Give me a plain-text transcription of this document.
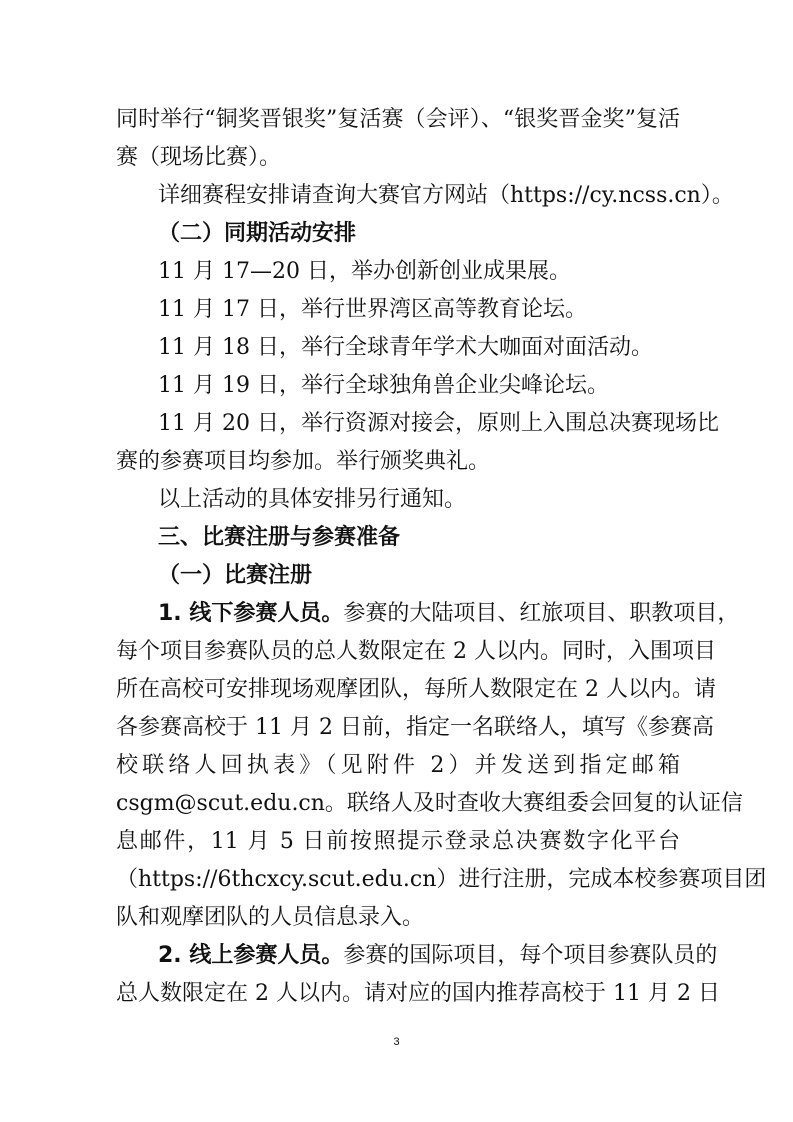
同时举行“铜奖晋银奖”复活赛（会评）、“银奖晋金奖”复活
赛（现场比赛）。
详细赛程安排请查询大赛官方网站（https://cy.ncss.cn）。
（二）同期活动安排
11 月 17—20 日，举办创新创业成果展。
11 月 17 日，举行世界湾区高等教育论坛。
11 月 18 日，举行全球青年学术大咖面对面活动。
11 月 19 日，举行全球独角兽企业尖峰论坛。
11 月 20 日，举行资源对接会，原则上入围总决赛现场比
赛的参赛项目均参加。举行颁奖典礼。
以上活动的具体安排另行通知。
三、比赛注册与参赛准备
（一）比赛注册
1. 线下参赛人员。参赛的大陆项目、红旅项目、职教项目，
每个项目参赛队员的总人数限定在 2 人以内。同时，入围项目
所在高校可安排现场观摩团队，每所人数限定在 2 人以内。请
各参赛高校于 11 月 2 日前，指定一名联络人，填写《参赛高
校联络人回执表》（见附件 2）并发送到指定邮箱
csgm@scut.edu.cn。联络人及时查收大赛组委会回复的认证信
息邮件，11 月 5 日前按照提示登录总决赛数字化平台
（https://6thcxcy.scut.edu.cn）进行注册，完成本校参赛项目团
队和观摩团队的人员信息录入。
2. 线上参赛人员。参赛的国际项目，每个项目参赛队员的
总人数限定在 2 人以内。请对应的国内推荐高校于 11 月 2 日
3
